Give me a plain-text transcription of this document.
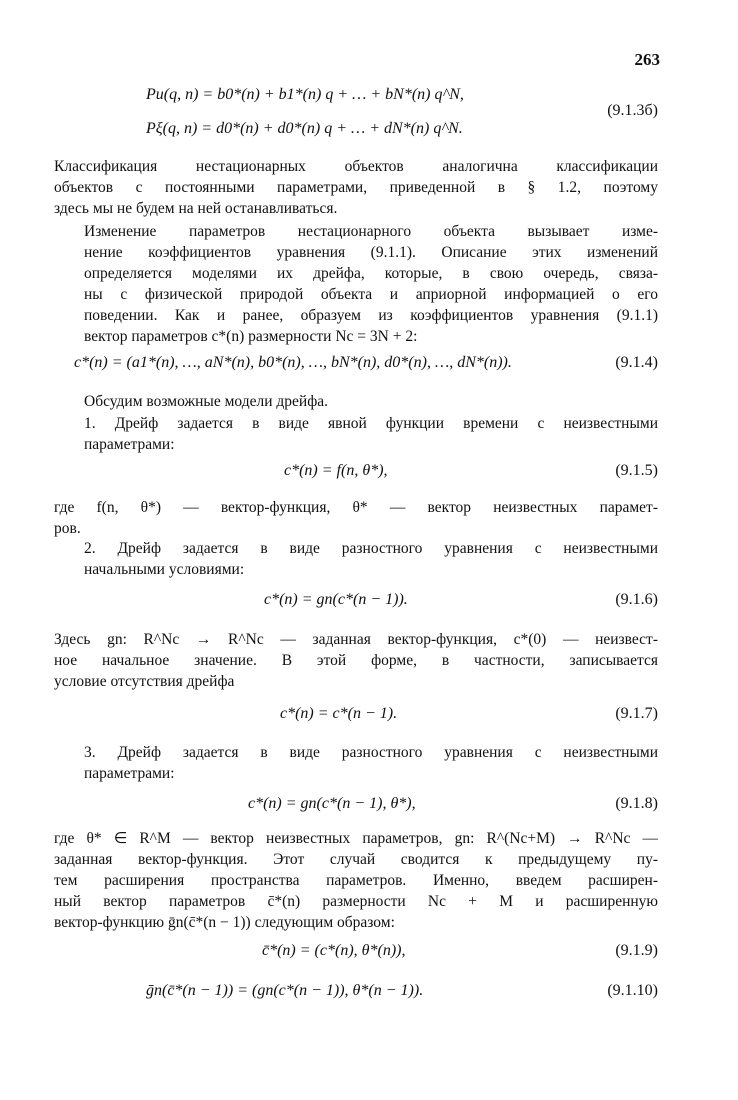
263
Pu(q, n) = b0*(n) + b1*(n) q + … + bN*(n) q^N,
(9.1.3б)
Pξ(q, n) = d0*(n) + d0*(n) q + … + dN*(n) q^N.
Классификация нестационарных объектов аналогична классификации
объектов с постоянными параметрами, приведенной в § 1.2, поэтому
здесь мы не будем на ней останавливаться.
Изменение параметров нестационарного объекта вызывает изме-
нение коэффициентов уравнения (9.1.1). Описание этих изменений
определяется моделями их дрейфа, которые, в свою очередь, связа-
ны с физической природой объекта и априорной информацией о его
поведении. Как и ранее, образуем из коэффициентов уравнения (9.1.1)
вектор параметров c*(n) размерности Nc = 3N + 2:
c*(n) = (a1*(n), …, aN*(n), b0*(n), …, bN*(n), d0*(n), …, dN*(n)).	(9.1.4)
Обсудим возможные модели дрейфа.
1. Дрейф задается в виде явной функции времени с неизвестными
параметрами:
c*(n) = f(n, θ*),	(9.1.5)
где f(n, θ*) — вектор-функция, θ* — вектор неизвестных парамет-
ров.
2. Дрейф задается в виде разностного уравнения с неизвестными
начальными условиями:
c*(n) = gn(c*(n − 1)).	(9.1.6)
Здесь gn: R^Nc → R^Nc — заданная вектор-функция, c*(0) — неизвест-
ное начальное значение. В этой форме, в частности, записывается
условие отсутствия дрейфа
c*(n) = c*(n − 1).	(9.1.7)
3. Дрейф задается в виде разностного уравнения с неизвестными
параметрами:
c*(n) = gn(c*(n − 1), θ*),	(9.1.8)
где θ* ∈ R^M — вектор неизвестных параметров, gn: R^(Nc+M) → R^Nc —
заданная вектор-функция. Этот случай сводится к предыдущему пу-
тем расширения пространства параметров. Именно, введем расширен-
ный вектор параметров c̄*(n) размерности Nc + M и расширенную
вектор-функцию ḡn(c̄*(n − 1)) следующим образом:
c̄*(n) = (c*(n), θ*(n)),	(9.1.9)
ḡn(c̄*(n − 1)) = (gn(c*(n − 1)), θ*(n − 1)).	(9.1.10)
